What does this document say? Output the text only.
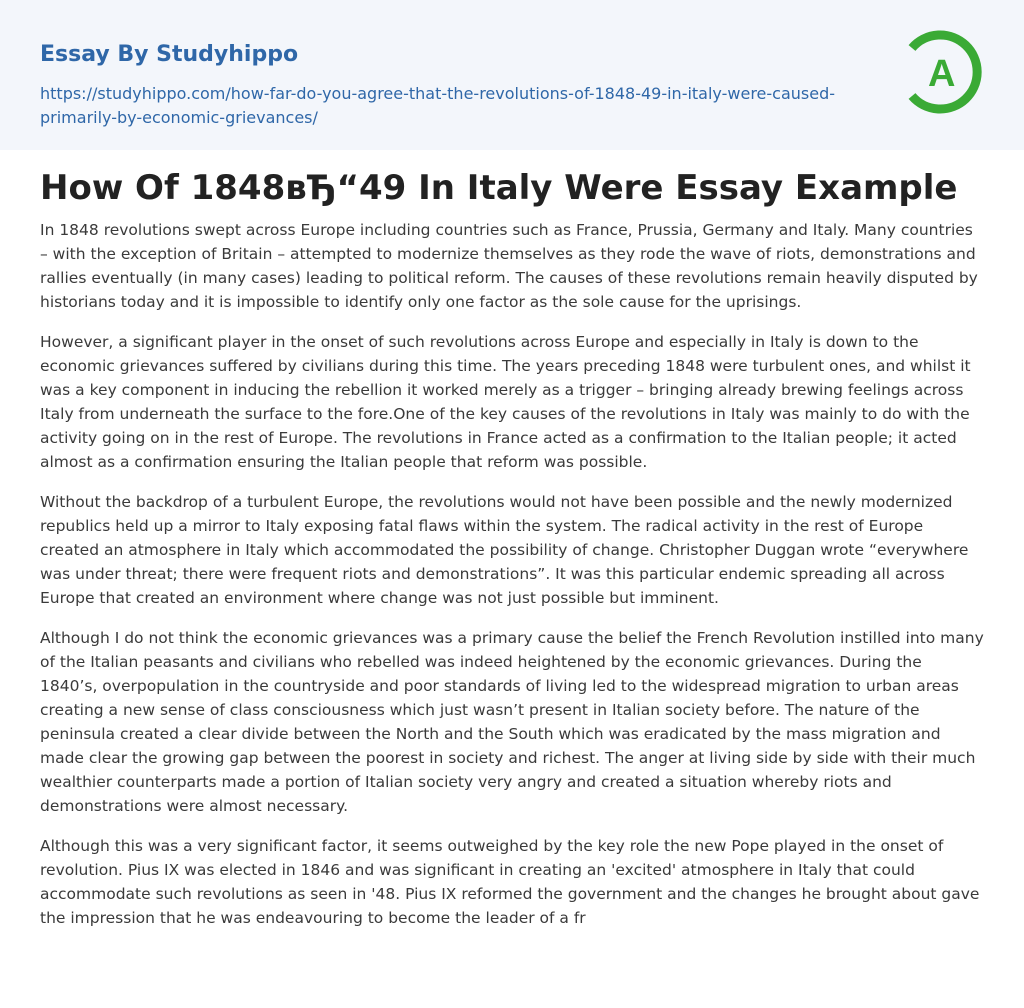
Essay By Studyhippo
https://studyhippo.com/how-far-do-you-agree-that-the-revolutions-of-1848-49-in-italy-were-caused-primarily-by-economic-grievances/
A
How Of 1848вЂ“49 In Italy Were Essay Example

In 1848 revolutions swept across Europe including countries such as France, Prussia, Germany and Italy. Many countries – with the exception of Britain – attempted to modernize themselves as they rode the wave of riots, demonstrations and rallies eventually (in many cases) leading to political reform. The causes of these revolutions remain heavily disputed by historians today and it is impossible to identify only one factor as the sole cause for the uprisings.

However, a significant player in the onset of such revolutions across Europe and especially in Italy is down to the economic grievances suffered by civilians during this time. The years preceding 1848 were turbulent ones, and whilst it was a key component in inducing the rebellion it worked merely as a trigger – bringing already brewing feelings across Italy from underneath the surface to the fore.One of the key causes of the revolutions in Italy was mainly to do with the activity going on in the rest of Europe. The revolutions in France acted as a confirmation to the Italian people; it acted almost as a confirmation ensuring the Italian people that reform was possible.

Without the backdrop of a turbulent Europe, the revolutions would not have been possible and the newly modernized republics held up a mirror to Italy exposing fatal flaws within the system. The radical activity in the rest of Europe created an atmosphere in Italy which accommodated the possibility of change. Christopher Duggan wrote “everywhere was under threat; there were frequent riots and demonstrations”. It was this particular endemic spreading all across Europe that created an environment where change was not just possible but imminent.

Although I do not think the economic grievances was a primary cause the belief the French Revolution instilled into many of the Italian peasants and civilians who rebelled was indeed heightened by the economic grievances. During the 1840’s, overpopulation in the countryside and poor standards of living led to the widespread migration to urban areas creating a new sense of class consciousness which just wasn’t present in Italian society before. The nature of the peninsula created a clear divide between the North and the South which was eradicated by the mass migration and made clear the growing gap between the poorest in society and richest. The anger at living side by side with their much wealthier counterparts made a portion of Italian society very angry and created a situation whereby riots and demonstrations were almost necessary.

Although this was a very significant factor, it seems outweighed by the key role the new Pope played in the onset of revolution. Pius IX was elected in 1846 and was significant in creating an 'excited' atmosphere in Italy that could accommodate such revolutions as seen in '48. Pius IX reformed the government and the changes he brought about gave the impression that he was endeavouring to become the leader of a fr
